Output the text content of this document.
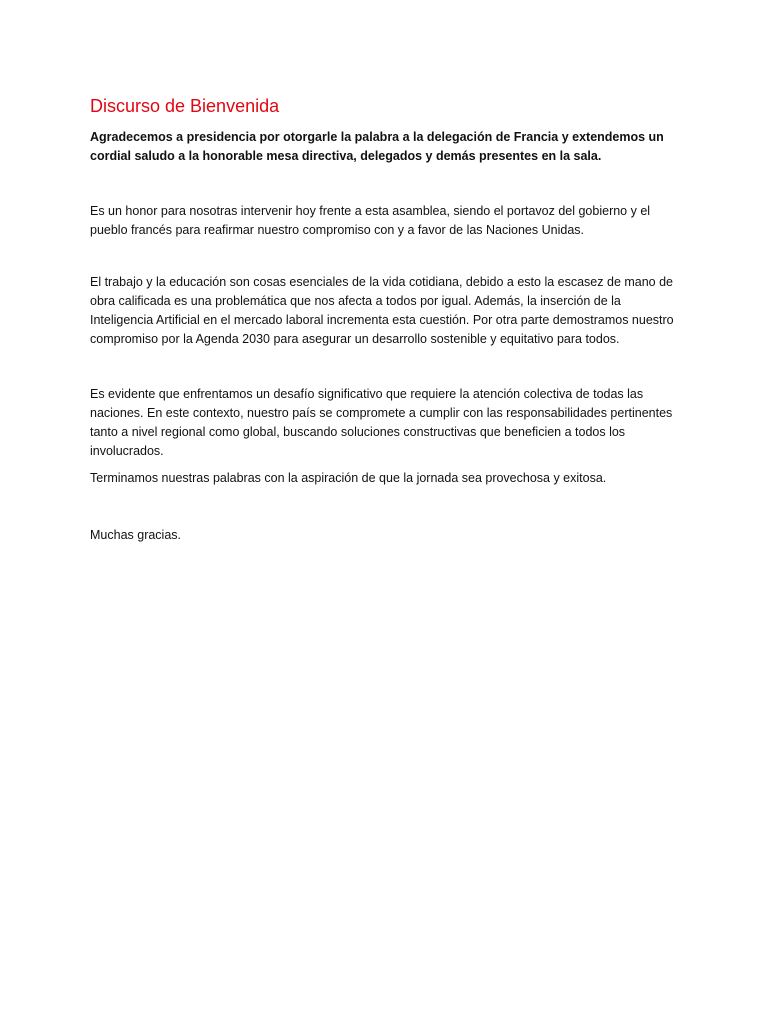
Discurso de Bienvenida

Agradecemos a presidencia por otorgarle la palabra a la delegación de Francia y extendemos un cordial saludo a la honorable mesa directiva, delegados y demás presentes en la sala.

Es un honor para nosotras intervenir hoy frente a esta asamblea, siendo el portavoz del gobierno y el pueblo francés para reafirmar nuestro compromiso con y a favor de las Naciones Unidas.

El trabajo y la educación son cosas esenciales de la vida cotidiana, debido a esto la escasez de mano de obra calificada es una problemática que nos afecta a todos por igual. Además, la inserción de la Inteligencia Artificial en el mercado laboral incrementa esta cuestión. Por otra parte demostramos nuestro compromiso por la Agenda 2030 para asegurar un desarrollo sostenible y equitativo para todos.

Es evidente que enfrentamos un desafío significativo que requiere la atención colectiva de todas las naciones. En este contexto, nuestro país se compromete a cumplir con las responsabilidades pertinentes tanto a nivel regional como global, buscando soluciones constructivas que beneficien a todos los involucrados.

Terminamos nuestras palabras con la aspiración de que la jornada sea provechosa y exitosa.

Muchas gracias.
